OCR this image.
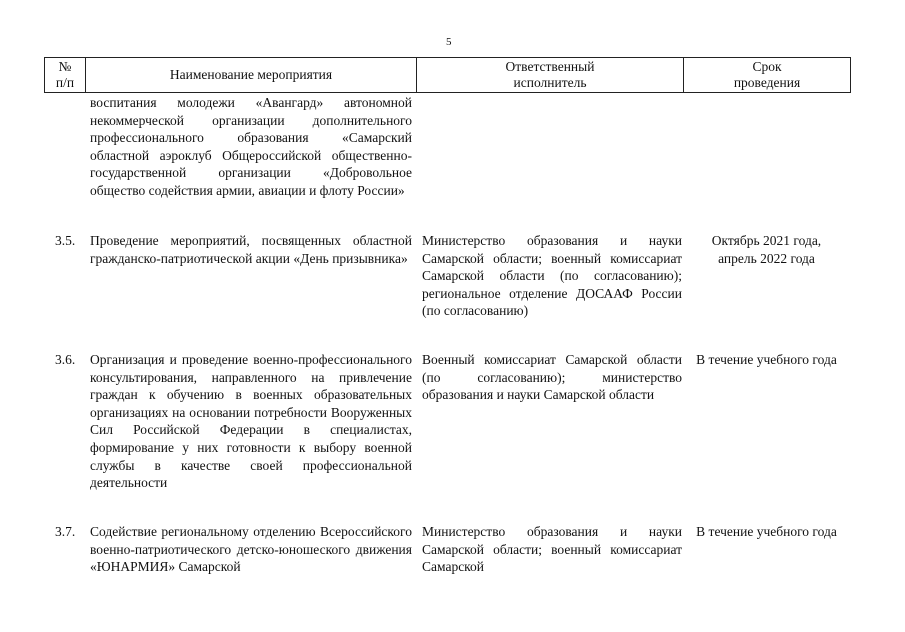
5
№ п/п
Наименование мероприятия
Ответственный исполнитель
Срок проведения
воспитания молодежи «Авангард» автономной некоммерческой организации дополнительного профессионального образования «Самарский областной аэроклуб Общероссийской общественно-государственной организации «Добровольное общество содействия армии, авиации и флоту России»
3.5. Проведение мероприятий, посвященных областной гражданско-патриотической акции «День призывника»
Министерство образования и науки Самарской области; военный комиссариат Самарской области (по согласованию); региональное отделение ДОСААФ России (по согласованию)
Октябрь 2021 года, апрель 2022 года
3.6. Организация и проведение военно-профессионального консультирования, направленного на привлечение граждан к обучению в военных образовательных организациях на основании потребности Вооруженных Сил Российской Федерации в специалистах, формирование у них готовности к выбору военной службы в качестве своей профессиональной деятельности
Военный комиссариат Самарской области (по согласованию); министерство образования и науки Самарской области
В течение учебного года
3.7. Содействие региональному отделению Всероссийского военно-патриотического детско-юношеского движения «ЮНАРМИЯ» Самарской
Министерство образования и науки Самарской области; военный комиссариат Самарской
В течение учебного года
